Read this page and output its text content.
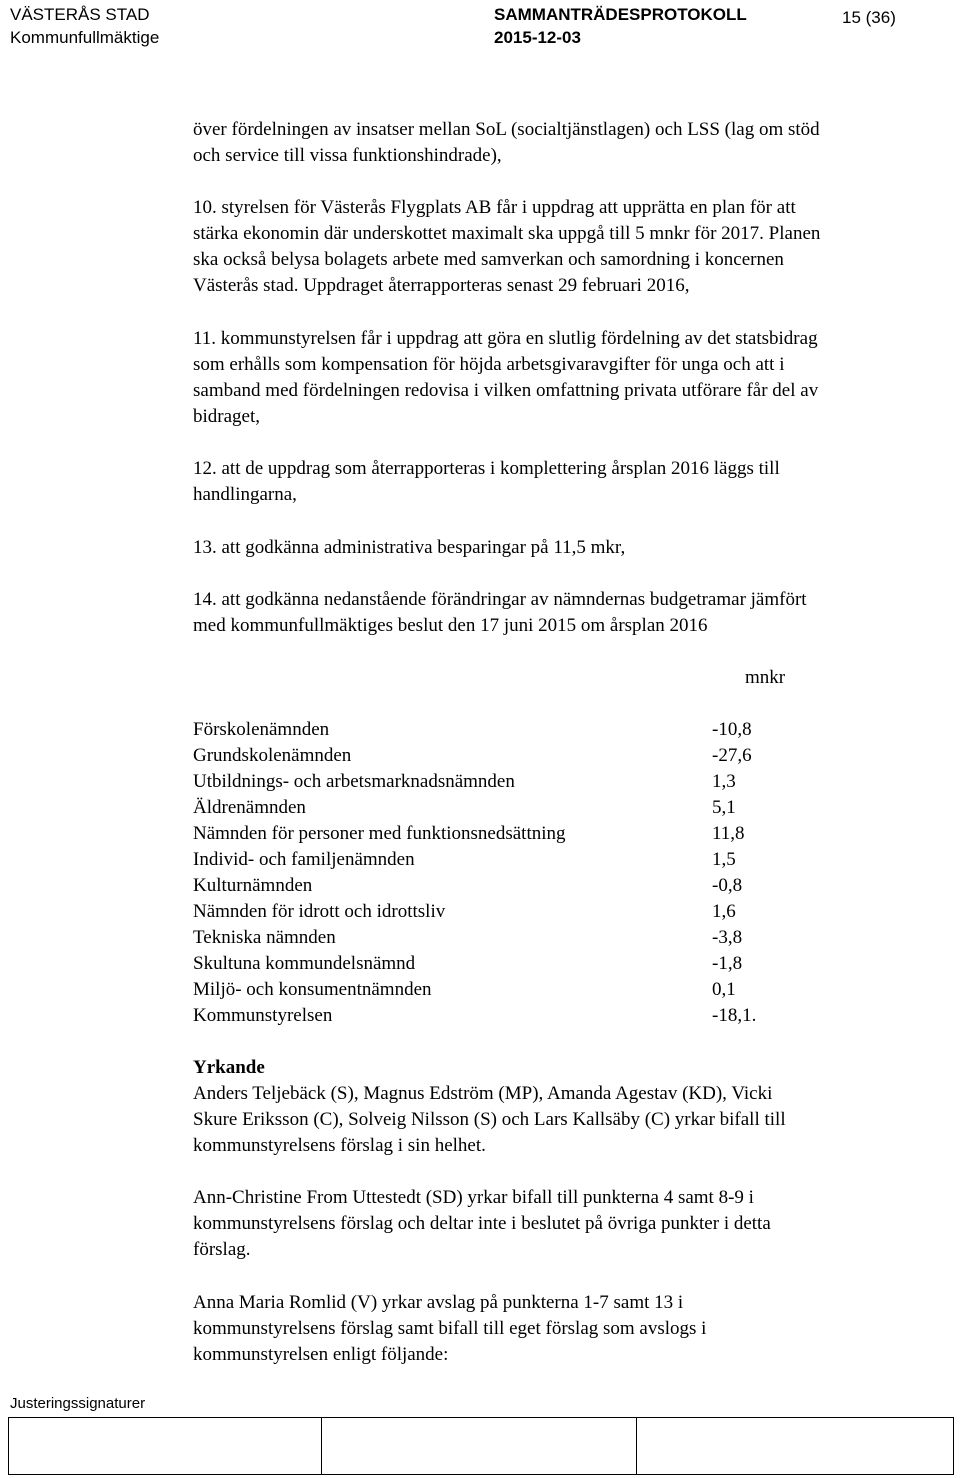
VÄSTERÅS STAD
Kommunfullmäktige
SAMMANTRÄDESPROTOKOLL
2015-12-03
15 (36)
över fördelningen av insatser mellan SoL (socialtjänstlagen) och LSS (lag om stöd
och service till vissa funktionshindrade),
10. styrelsen för Västerås Flygplats AB får i uppdrag att upprätta en plan för att
stärka ekonomin där underskottet maximalt ska uppgå till 5 mnkr för 2017. Planen
ska också belysa bolagets arbete med samverkan och samordning i koncernen
Västerås stad. Uppdraget återrapporteras senast 29 februari 2016,
11. kommunstyrelsen får i uppdrag att göra en slutlig fördelning av det statsbidrag
som erhålls som kompensation för höjda arbetsgivaravgifter för unga och att i
samband med fördelningen redovisa i vilken omfattning privata utförare får del av
bidraget,
12. att de uppdrag som återrapporteras i komplettering årsplan 2016 läggs till
handlingarna,
13. att godkänna administrativa besparingar på 11,5 mkr,
14. att godkänna nedanstående förändringar av nämndernas budgetramar jämfört
med kommunfullmäktiges beslut den 17 juni 2015 om årsplan 2016
mnkr
Förskolenämnden	-10,8
Grundskolenämnden	-27,6
Utbildnings- och arbetsmarknadsnämnden	1,3
Äldrenämnden	5,1
Nämnden för personer med funktionsnedsättning	11,8
Individ- och familjenämnden	1,5
Kulturnämnden	-0,8
Nämnden för idrott och idrottsliv	1,6
Tekniska nämnden	-3,8
Skultuna kommundelsnämnd	-1,8
Miljö- och konsumentnämnden	0,1
Kommunstyrelsen	-18,1.
Yrkande
Anders Teljebäck (S), Magnus Edström (MP), Amanda Agestav (KD), Vicki
Skure Eriksson (C), Solveig Nilsson (S) och Lars Kallsäby (C) yrkar bifall till
kommunstyrelsens förslag i sin helhet.
Ann-Christine From Uttestedt (SD) yrkar bifall till punkterna 4 samt 8-9 i
kommunstyrelsens förslag och deltar inte i beslutet på övriga punkter i detta
förslag.
Anna Maria Romlid (V) yrkar avslag på punkterna 1-7 samt 13 i
kommunstyrelsens förslag samt bifall till eget förslag som avslogs i
kommunstyrelsen enligt följande:
Justeringssignaturer
